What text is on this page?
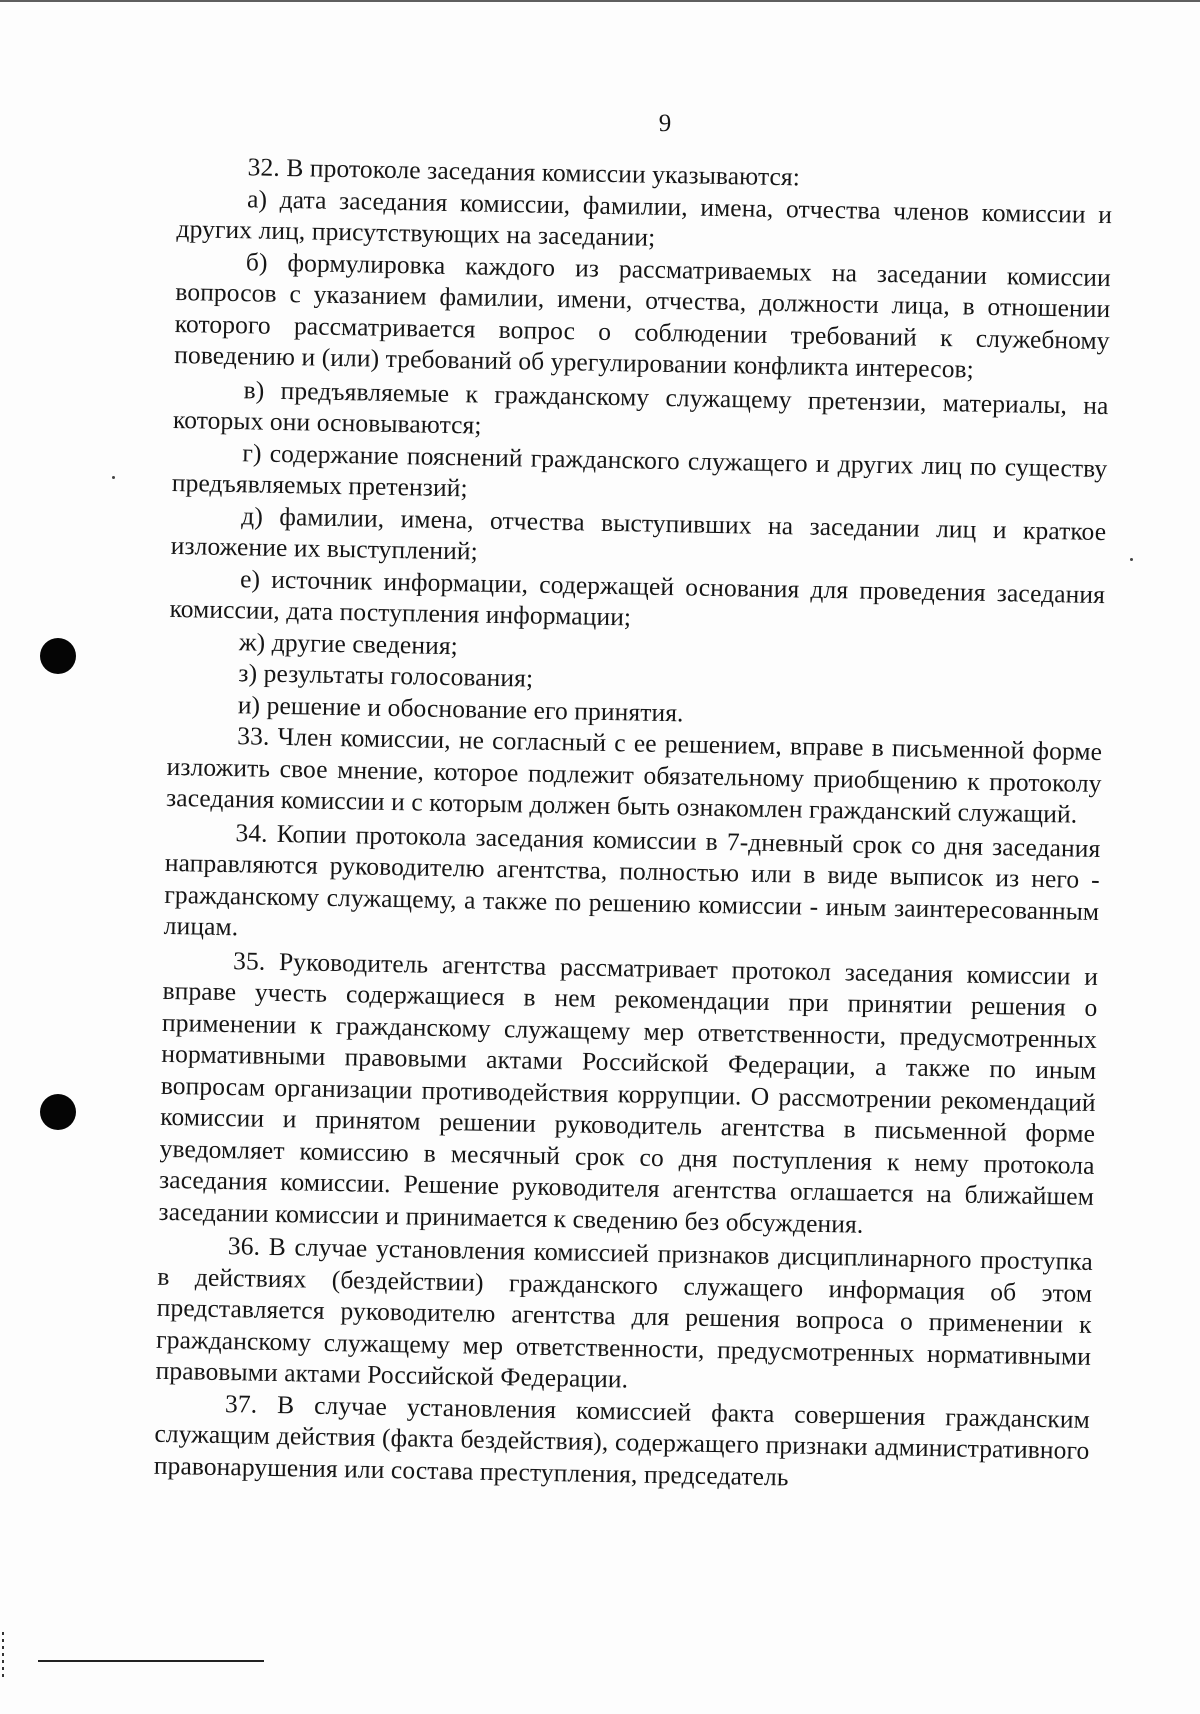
9

32. В протоколе заседания комиссии указываются:

а) дата заседания комиссии, фамилии, имена, отчества членов комиссии и других лиц, присутствующих на заседании;

б) формулировка каждого из рассматриваемых на заседании комиссии вопросов с указанием фамилии, имени, отчества, должности лица, в отношении которого рассматривается вопрос о соблюдении требований к служебному поведению и (или) требований об урегулировании конфликта интересов;

в) предъявляемые к гражданскому служащему претензии, материалы, на которых они основываются;

г) содержание пояснений гражданского служащего и других лиц по существу предъявляемых претензий;

д) фамилии, имена, отчества выступивших на заседании лиц и краткое изложение их выступлений;

е) источник информации, содержащей основания для проведения заседания комиссии, дата поступления информации;

ж) другие сведения;

з) результаты голосования;

и) решение и обоснование его принятия.

33. Член комиссии, не согласный с ее решением, вправе в письменной форме изложить свое мнение, которое подлежит обязательному приобщению к протоколу заседания комиссии и с которым должен быть ознакомлен гражданский служащий.

34. Копии протокола заседания комиссии в 7-дневный срок со дня заседания направляются руководителю агентства, полностью или в виде выписок из него - гражданскому служащему, а также по решению комиссии - иным заинтересованным лицам.

35. Руководитель агентства рассматривает протокол заседания комиссии и вправе учесть содержащиеся в нем рекомендации при принятии решения о применении к гражданскому служащему мер ответственности, предусмотренных нормативными правовыми актами Российской Федерации, а также по иным вопросам организации противодействия коррупции. О рассмотрении рекомендаций комиссии и принятом решении руководитель агентства в письменной форме уведомляет комиссию в месячный срок со дня поступления к нему протокола заседания комиссии. Решение руководителя агентства оглашается на ближайшем заседании комиссии и принимается к сведению без обсуждения.

36. В случае установления комиссией признаков дисциплинарного проступка в действиях (бездействии) гражданского служащего информация об этом представляется руководителю агентства для решения вопроса о применении к гражданскому служащему мер ответственности, предусмотренных нормативными правовыми актами Российской Федерации.

37. В случае установления комиссией факта совершения гражданским служащим действия (факта бездействия), содержащего признаки административного правонарушения или состава преступления, председатель
